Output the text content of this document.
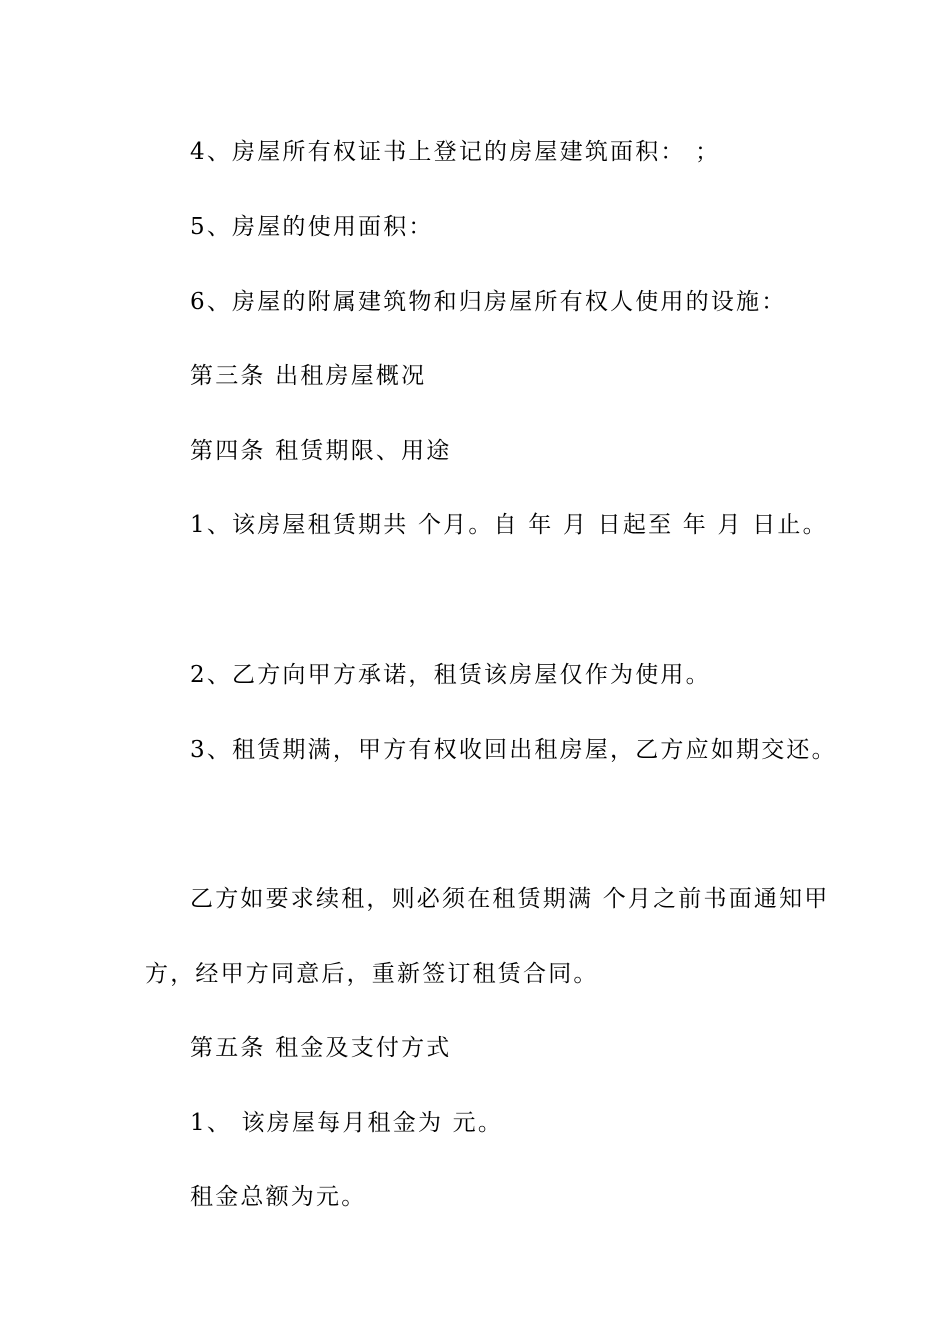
4、房屋所有权证书上登记的房屋建筑面积： ；
5、房屋的使用面积：
6、房屋的附属建筑物和归房屋所有权人使用的设施：
第三条 出租房屋概况
第四条 租赁期限、用途
1、该房屋租赁期共 个月。自 年 月 日起至 年 月 日止。
2、乙方向甲方承诺，租赁该房屋仅作为使用。
3、租赁期满，甲方有权收回出租房屋，乙方应如期交还。
乙方如要求续租，则必须在租赁期满 个月之前书面通知甲
方，经甲方同意后，重新签订租赁合同。
第五条 租金及支付方式
1、 该房屋每月租金为 元。
租金总额为元。
